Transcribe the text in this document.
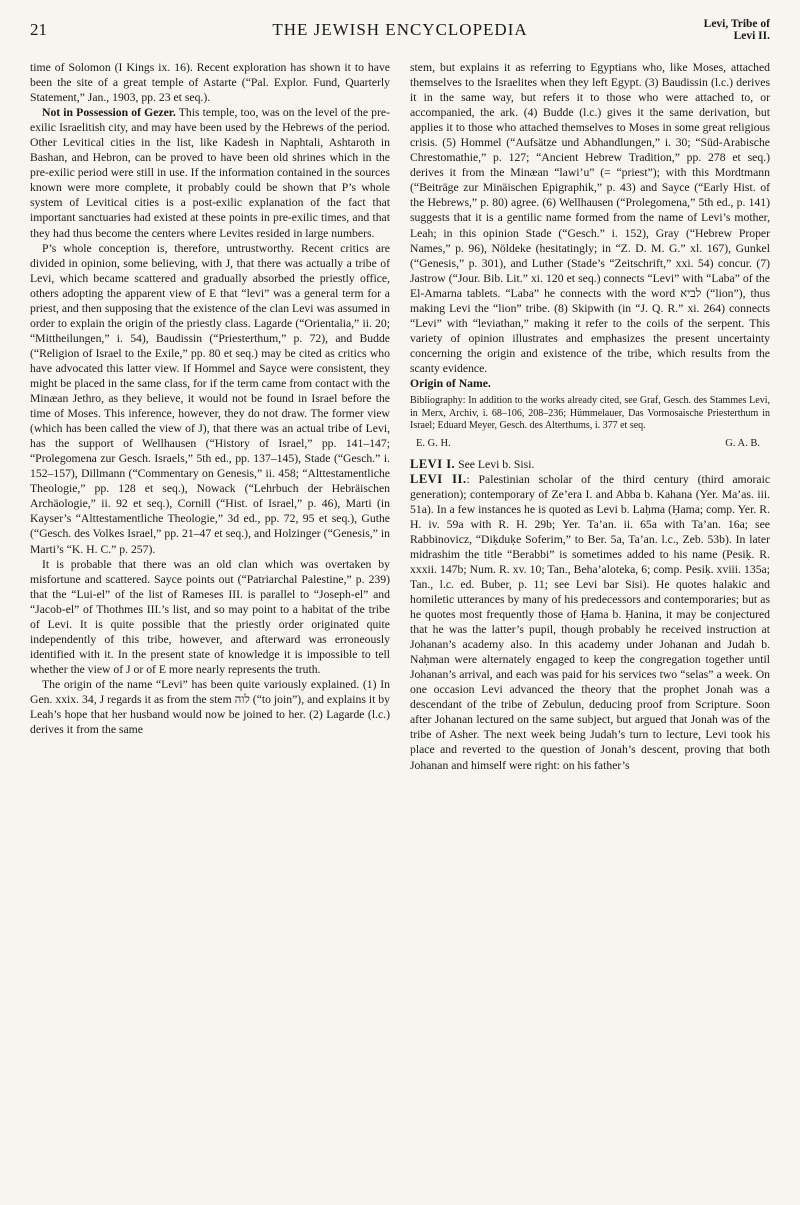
21	THE JEWISH ENCYCLOPEDIA	Levi, Tribe of
Levi II.

time of Solomon (I Kings ix. 16). Recent exploration has shown it to have been the site of a great temple of Astarte (“Pal. Explor. Fund, Quarterly Statement,” Jan., 1903, pp. 23 et seq.).

Not in Possession of Gezer. This temple, too, was on the level of the pre-exilic Israelitish city, and may have been used by the Hebrews of the period. Other Levitical cities in the list, like Kadesh in Naphtali, Ashtaroth in Bashan, and Hebron, can be proved to have been old shrines which in the pre-exilic period were still in use. If the information contained in the sources known were more complete, it probably could be shown that P’s whole system of Levitical cities is a post-exilic explanation of the fact that important sanctuaries had existed at these points in pre-exilic times, and that they had thus become the centers where Levites resided in large numbers.

P’s whole conception is, therefore, untrustworthy. Recent critics are divided in opinion, some believing, with J, that there was actually a tribe of Levi, which became scattered and gradually absorbed the priestly office, others adopting the apparent view of E that “levi” was a general term for a priest, and then supposing that the existence of the clan Levi was assumed in order to explain the origin of the priestly class. Lagarde (“Orientalia,” ii. 20; “Mittheilungen,” i. 54), Baudissin (“Priesterthum,” p. 72), and Budde (“Religion of Israel to the Exile,” pp. 80 et seq.) may be cited as critics who have advocated this latter view. If Hommel and Sayce were consistent, they might be placed in the same class, for if the term came from contact with the Minæan Jethro, as they believe, it would not be found in Israel before the time of Moses. This inference, however, they do not draw. The former view (which has been called the view of J), that there was an actual tribe of Levi, has the support of Wellhausen (“History of Israel,” pp. 141–147; “Prolegomena zur Gesch. Israels,” 5th ed., pp. 137–145), Stade (“Gesch.” i. 152–157), Dillmann (“Commentary on Genesis,” ii. 458; “Alttestamentliche Theologie,” pp. 128 et seq.), Nowack (“Lehrbuch der Hebräischen Archäologie,” ii. 92 et seq.), Cornill (“Hist. of Israel,” p. 46), Marti (in Kayser’s “Alttestamentliche Theologie,” 3d ed., pp. 72, 95 et seq.), Guthe (“Gesch. des Volkes Israel,” pp. 21–47 et seq.), and Holzinger (“Genesis,” in Marti’s “K. H. C.” p. 257).

It is probable that there was an old clan which was overtaken by misfortune and scattered. Sayce points out (“Patriarchal Palestine,” p. 239) that the “Lui-el” of the list of Rameses III. is parallel to “Joseph-el” and “Jacob-el” of Thothmes III.’s list, and so may point to a habitat of the tribe of Levi. It is quite possible that the priestly order originated quite independently of this tribe, however, and afterward was erroneously identified with it. In the present state of knowledge it is impossible to tell whether the view of J or of E more nearly represents the truth.

The origin of the name “Levi” has been quite variously explained. (1) In Gen. xxix. 34, J regards it as from the stem לוה (“to join”), and explains it by Leah’s hope that her husband would now be joined to her. (2) Lagarde (l.c.) derives it from the same

stem, but explains it as referring to Egyptians who, like Moses, attached themselves to the Israelites when they left Egypt. (3) Baudissin (l.c.) derives it in the same way, but refers it to those who were attached to, or accompanied, the ark. (4) Budde (l.c.) gives it the same derivation, but applies it to those who attached themselves to Moses in some great religious crisis. (5) Hommel (“Aufsätze und Abhandlungen,” i. 30; “Süd-Arabische Chrestomathie,” p. 127; “Ancient Hebrew Tradition,” pp. 278 et seq.) derives it from the Minæan “lawi’u” (= “priest”); with this Mordtmann (“Beiträge zur Minäischen Epigraphik,” p. 43) and Sayce (“Early Hist. of the Hebrews,” p. 80) agree. (6) Wellhausen (“Prolegomena,” 5th ed., p. 141) suggests that it is a gentilic name formed from the name of Levi’s mother, Leah; in this opinion Stade (“Gesch.” i. 152), Gray (“Hebrew Proper Names,” p. 96), Nöldeke (hesitatingly; in “Z. D. M. G.” xl. 167), Gunkel (“Genesis,” p. 301), and Luther (Stade’s “Zeitschrift,” xxi. 54) concur. (7) Jastrow (“Jour. Bib. Lit.” xi. 120 et seq.) connects “Levi” with “Laba” of the El-Amarna tablets. “Laba” he connects with the word לביא (“lion”), thus making Levi the “lion” tribe. (8) Skipwith (in “J. Q. R.” xi. 264) connects “Levi” with “leviathan,” making it refer to the coils of the serpent. This variety of opinion illustrates and emphasizes the present uncertainty concerning the origin and existence of the tribe, which results from the scanty evidence.

Origin of Name.

Bibliography: In addition to the works already cited, see Graf, Gesch. des Stammes Levi, in Merx, Archiv, i. 68–106, 208–236; Hümmelauer, Das Vormosaische Priesterthum in Israel; Eduard Meyer, Gesch. des Alterthums, i. 377 et seq.
E. G. H.	G. A. B.

LEVI I. See Levi b. Sisi.

LEVI II.: Palestinian scholar of the third century (third amoraic generation); contemporary of Ze’era I. and Abba b. Kahana (Yer. Ma’as. iii. 51a). In a few instances he is quoted as Levi b. Laḥma (Ḥama; comp. Yer. R. H. iv. 59a with R. H. 29b; Yer. Ta’an. ii. 65a with Ta’an. 16a; see Rabbinovicz, “Diḳduḳe Soferim,” to Ber. 5a, Ta’an. l.c., Zeb. 53b). In later midrashim the title “Berabbi” is sometimes added to his name (Pesiḳ. R. xxxii. 147b; Num. R. xv. 10; Tan., Beha’aloteka, 6; comp. Pesiḳ. xviii. 135a; Tan., l.c. ed. Buber, p. 11; see Levi bar Sisi). He quotes halakic and homiletic utterances by many of his predecessors and contemporaries; but as he quotes most frequently those of Ḥama b. Ḥanina, it may be conjectured that he was the latter’s pupil, though probably he received instruction at Johanan’s academy also. In this academy under Johanan and Judah b. Naḥman were alternately engaged to keep the congregation together until Johanan’s arrival, and each was paid for his services two “selas” a week. On one occasion Levi advanced the theory that the prophet Jonah was a descendant of the tribe of Zebulun, deducing proof from Scripture. Soon after Johanan lectured on the same subject, but argued that Jonah was of the tribe of Asher. The next week being Judah’s turn to lecture, Levi took his place and reverted to the question of Jonah’s descent, proving that both Johanan and himself were right: on his father’s
